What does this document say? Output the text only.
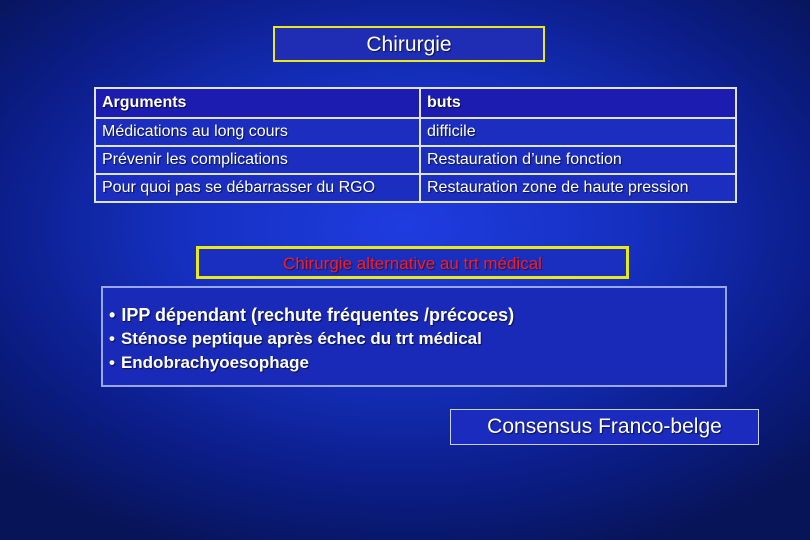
Chirurgie
Arguments	buts
Médications au long cours	difficile
Prévenir les complications	Restauration d’une fonction
Pour quoi pas se débarrasser du RGO	Restauration zone de haute pression
Chirurgie alternative au trt médical
• IPP dépendant (rechute fréquentes /précoces)
• Sténose peptique après échec du trt médical
• Endobrachyoesophage
Consensus Franco-belge
